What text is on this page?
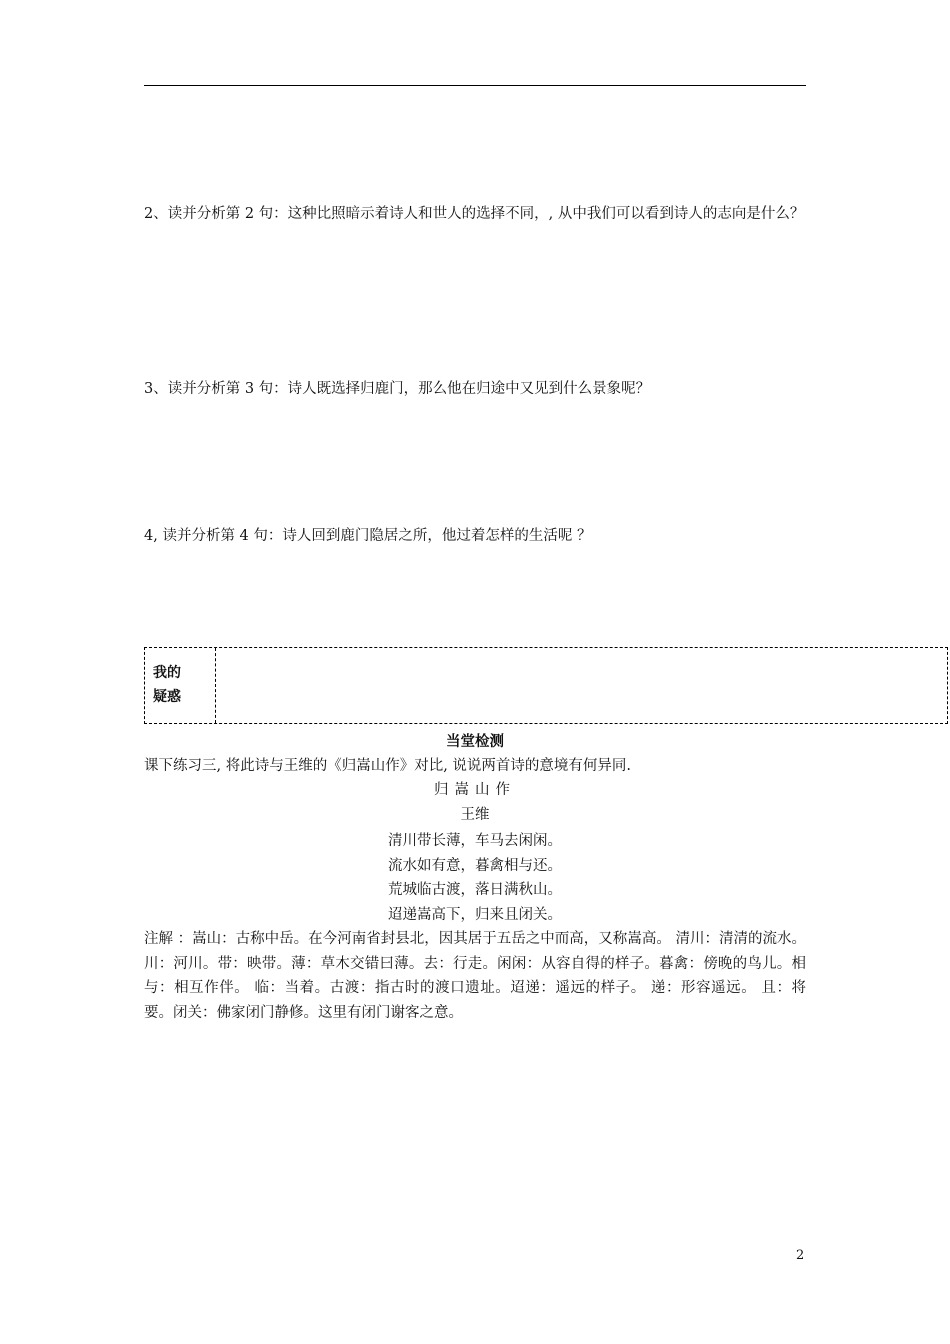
2、读并分析第 2 句：这种比照暗示着诗人和世人的选择不同，, 从中我们可以看到诗人的志向是什么？
3、读并分析第 3 句：诗人既选择归鹿门，那么他在归途中又见到什么景象呢？
4, 读并分析第 4 句：诗人回到鹿门隐居之所，他过着怎样的生活呢 ？
我的
疑惑
当堂检测
课下练习三, 将此诗与王维的《归嵩山作》对比, 说说两首诗的意境有何异同.
归嵩山作
王维
清川带长薄，车马去闲闲。
流水如有意，暮禽相与还。
荒城临古渡，落日满秋山。
迢递嵩高下，归来且闭关。
注解 ：嵩山：古称中岳。在今河南省封县北，因其居于五岳之中而高，又称嵩高。 清川：清清的流水。川：河川。带：映带。薄：草木交错曰薄。去：行走。闲闲：从容自得的样子。暮禽：傍晚的鸟儿。相与：相互作伴。 临：当着。古渡：指古时的渡口遗址。迢递：遥远的样子。 递：形容遥远。 且：将要。闭关：佛家闭门静修。这里有闭门谢客之意。
2
